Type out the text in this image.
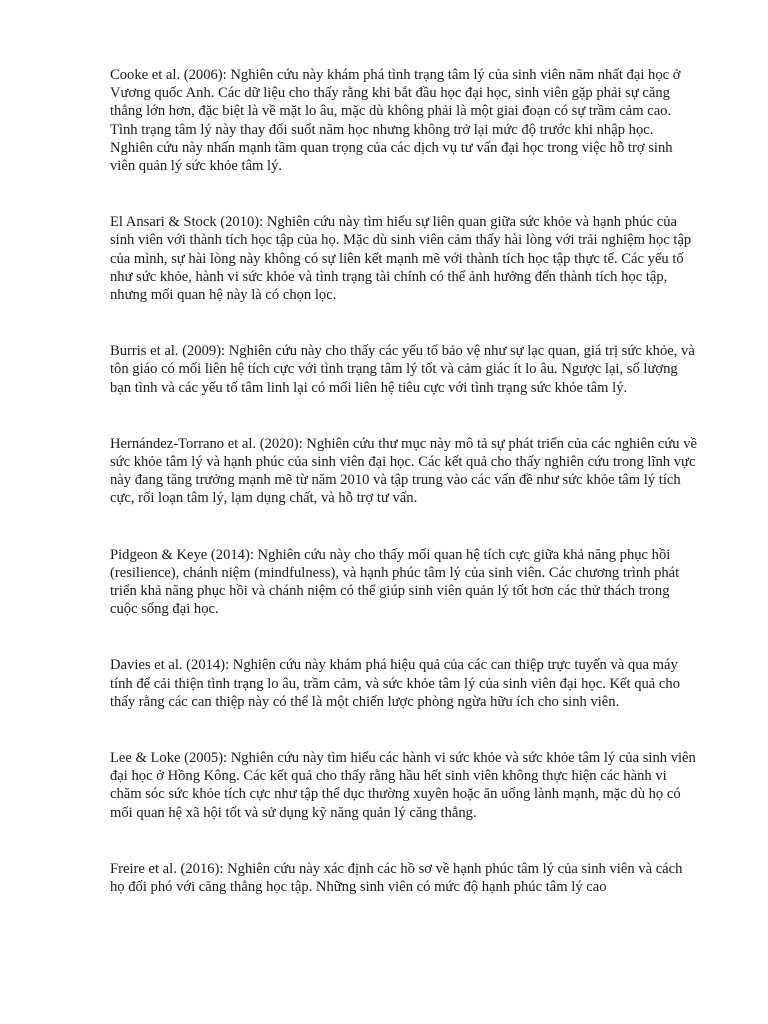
Cooke et al. (2006): Nghiên cứu này khám phá tình trạng tâm lý của sinh viên năm nhất đại học ở Vương quốc Anh. Các dữ liệu cho thấy rằng khi bắt đầu học đại học, sinh viên gặp phải sự căng thẳng lớn hơn, đặc biệt là về mặt lo âu, mặc dù không phải là một giai đoạn có sự trầm cảm cao. Tình trạng tâm lý này thay đổi suốt năm học nhưng không trở lại mức độ trước khi nhập học. Nghiên cứu này nhấn mạnh tầm quan trọng của các dịch vụ tư vấn đại học trong việc hỗ trợ sinh viên quản lý sức khỏe tâm lý.

El Ansari & Stock (2010): Nghiên cứu này tìm hiểu sự liên quan giữa sức khỏe và hạnh phúc của sinh viên với thành tích học tập của họ. Mặc dù sinh viên cảm thấy hài lòng với trải nghiệm học tập của mình, sự hài lòng này không có sự liên kết mạnh mẽ với thành tích học tập thực tế. Các yếu tố như sức khỏe, hành vi sức khỏe và tình trạng tài chính có thể ảnh hưởng đến thành tích học tập, nhưng mối quan hệ này là có chọn lọc.

Burris et al. (2009): Nghiên cứu này cho thấy các yếu tố bảo vệ như sự lạc quan, giá trị sức khỏe, và tôn giáo có mối liên hệ tích cực với tình trạng tâm lý tốt và cảm giác ít lo âu. Ngược lại, số lượng bạn tình và các yếu tố tâm linh lại có mối liên hệ tiêu cực với tình trạng sức khỏe tâm lý.

Hernández-Torrano et al. (2020): Nghiên cứu thư mục này mô tả sự phát triển của các nghiên cứu về sức khỏe tâm lý và hạnh phúc của sinh viên đại học. Các kết quả cho thấy nghiên cứu trong lĩnh vực này đang tăng trưởng mạnh mẽ từ năm 2010 và tập trung vào các vấn đề như sức khỏe tâm lý tích cực, rối loạn tâm lý, lạm dụng chất, và hỗ trợ tư vấn.

Pidgeon & Keye (2014): Nghiên cứu này cho thấy mối quan hệ tích cực giữa khả năng phục hồi (resilience), chánh niệm (mindfulness), và hạnh phúc tâm lý của sinh viên. Các chương trình phát triển khả năng phục hồi và chánh niệm có thể giúp sinh viên quản lý tốt hơn các thử thách trong cuộc sống đại học.

Davies et al. (2014): Nghiên cứu này khám phá hiệu quả của các can thiệp trực tuyến và qua máy tính để cải thiện tình trạng lo âu, trầm cảm, và sức khỏe tâm lý của sinh viên đại học. Kết quả cho thấy rằng các can thiệp này có thể là một chiến lược phòng ngừa hữu ích cho sinh viên.

Lee & Loke (2005): Nghiên cứu này tìm hiểu các hành vi sức khỏe và sức khỏe tâm lý của sinh viên đại học ở Hồng Kông. Các kết quả cho thấy rằng hầu hết sinh viên không thực hiện các hành vi chăm sóc sức khỏe tích cực như tập thể dục thường xuyên hoặc ăn uống lành mạnh, mặc dù họ có mối quan hệ xã hội tốt và sử dụng kỹ năng quản lý căng thẳng.

Freire et al. (2016): Nghiên cứu này xác định các hồ sơ về hạnh phúc tâm lý của sinh viên và cách họ đối phó với căng thẳng học tập. Những sinh viên có mức độ hạnh phúc tâm lý cao
